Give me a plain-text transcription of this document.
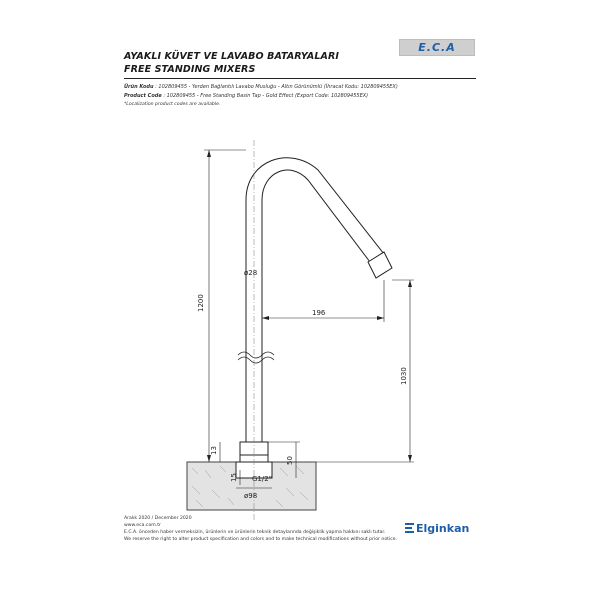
AYAKLI KÜVET VE LAVABO BATARYALARI
FREE STANDING MIXERS
E.C.A
Ürün Kodu : 102809455 - Yerden Bağlantılı Lavabo Musluğu - Altın Görünümlü (İhracat Kodu: 102809455EX)
Product Code : 102809455 - Free Standing Basin Tap - Gold Effect (Export Code: 102809455EX)
*Localization product codes are available.
1200
ø28
196
1030
13
50
15 G1/2"
ø98
Aralık 2020 / December 2020
www.eca.com.tr
E.C.A. önceden haber vermeksizin, ürünlerin ve ürünlerin teknik detaylarında değişiklik yapma hakkını saklı tutar.
We reserve the right to alter product specification and colors and to make technical modifications without prior notice.
Elginkan
